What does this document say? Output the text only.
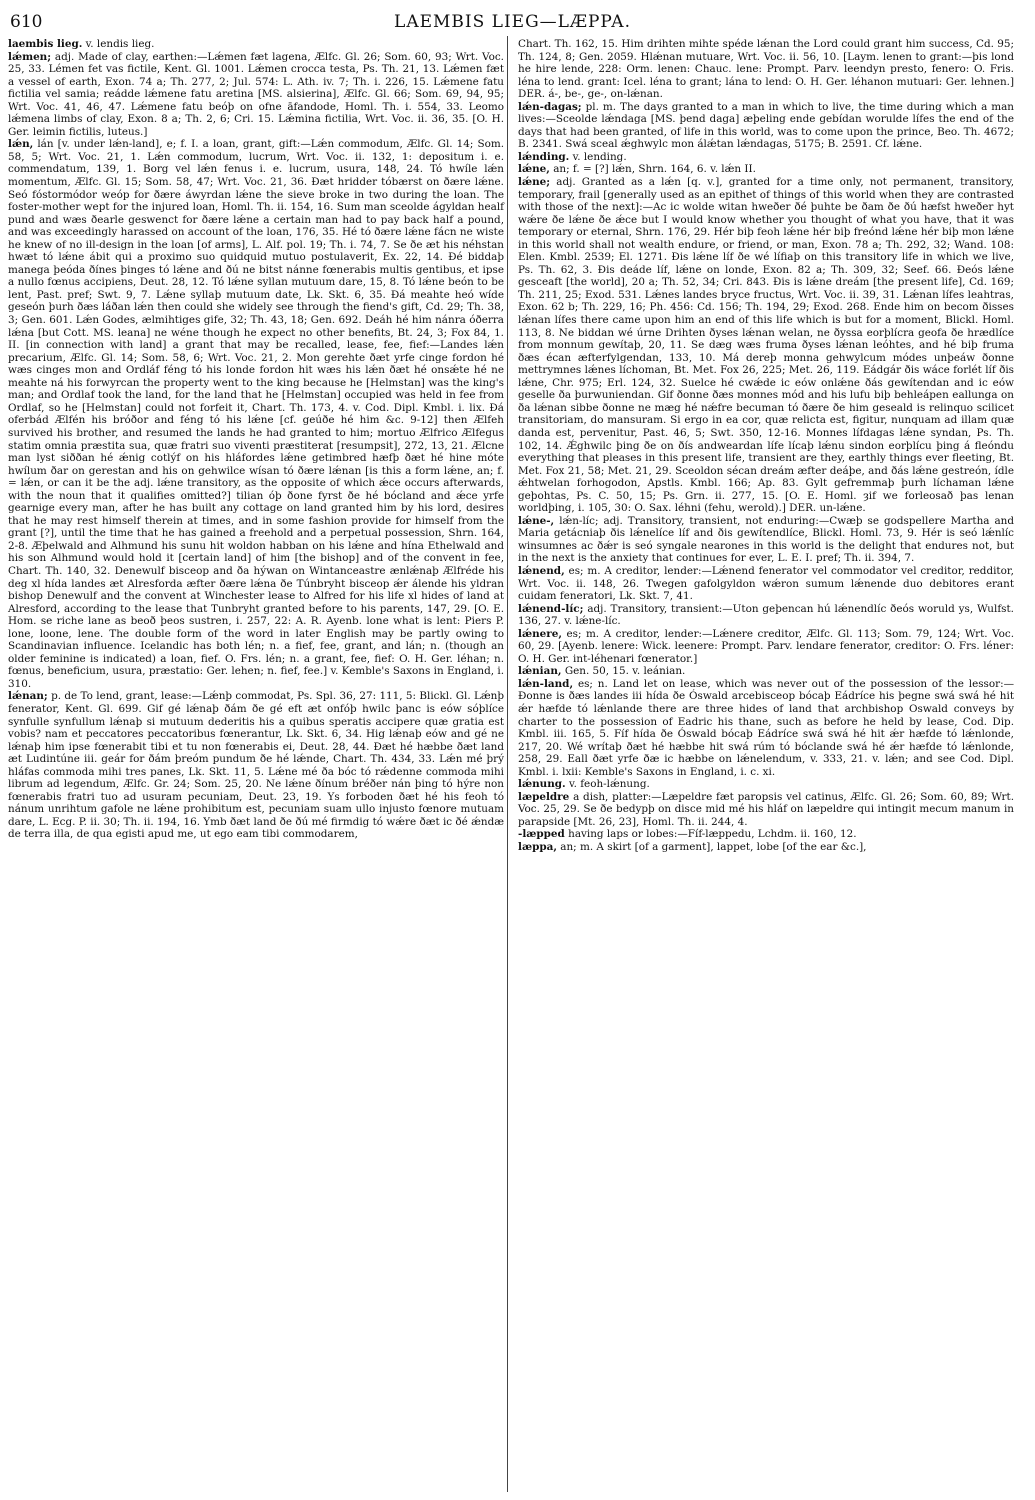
610	LAEMBIS LIEG—LÆPPA.

laembis lieg. v. lendis lieg.

lǽmen; adj. Made of clay, earthen:—Lǽmen fæt lagena, Ælfc. Gl. 26; Som. 60, 93; Wrt. Voc. 25, 33. Lémen fet vas fictile, Kent. Gl. 1001. Lǽmen crocca testa, Ps. Th. 21, 13. Lǽmen fæt a vessel of earth, Exon. 74 a; Th. 277, 2; Jul. 574: L. Ath. iv. 7; Th. i. 226, 15. Lǽmene fatu fictilia vel samia; reádde lǽmene fatu aretina [MS. alsierina], Ælfc. Gl. 66; Som. 69, 94, 95; Wrt. Voc. 41, 46, 47. Lǽmene fatu beóþ on ofne āfandode, Homl. Th. i. 554, 33. Leomo lǽmena limbs of clay, Exon. 8 a; Th. 2, 6; Cri. 15. Lǽmina fictilia, Wrt. Voc. ii. 36, 35. [O. H. Ger. leimin fictilis, luteus.]

lǽn, lán [v. under lǽn-land], e; f. I. a loan, grant, gift:—Lǽn commodum, Ælfc. Gl. 14; Som. 58, 5; Wrt. Voc. 21, 1. Lǽn commodum, lucrum, Wrt. Voc. ii. 132, 1: depositum i. e. commendatum, 139, 1. Borg vel lǽn fenus i. e. lucrum, usura, 148, 24. Tó hwíle lǽn momentum, Ælfc. Gl. 15; Som. 58, 47; Wrt. Voc. 21, 36. Ðæt hridder tóbærst on ðære lǽne. Seó fóstormódor weóp for ðære áwyrdan lǽne the sieve broke in two during the loan. The foster-mother wept for the injured loan, Homl. Th. ii. 154, 16. Sum man sceolde ágyldan healf pund and wæs ðearle geswenct for ðære lǽne a certain man had to pay back half a pound, and was exceedingly harassed on account of the loan, 176, 35. Hé tó ðære lǽne fácn ne wiste he knew of no ill-design in the loan [of arms], L. Alf. pol. 19; Th. i. 74, 7. Se ðe æt his néhstan hwæt tó lǽne ábit qui a proximo suo quidquid mutuo postulaverit, Ex. 22, 14. Ðé biddaþ manega þeóda ðínes þinges tó lǽne and ðú ne bitst nánne fœnerabis multis gentibus, et ipse a nullo fœnus accipiens, Deut. 28, 12. Tó lǽne syllan mutuum dare, 15, 8. Tó lǽne beón to be lent, Past. pref; Swt. 9, 7. Lǽne syllaþ mutuum date, Lk. Skt. 6, 35. Ðá meahte heó wíde geseón þurh ðæs láðan lǽn then could she widely see through the fiend's gift, Cd. 29; Th. 38, 3; Gen. 601. Lǽn Godes, ælmihtiges gife, 32; Th. 43, 18; Gen. 692. Deáh hé him nánra óðerra lǽna [but Cott. MS. leana] ne wéne though he expect no other benefits, Bt. 24, 3; Fox 84, 1. II. [in connection with land] a grant that may be recalled, lease, fee, fief:—Landes lǽn precarium, Ælfc. Gl. 14; Som. 58, 6; Wrt. Voc. 21, 2. Mon gerehte ðæt yrfe cinge fordon hé wæs cinges mon and Ordláf féng tó his londe fordon hit wæs his lǽn ðæt hé onsǽte hé ne meahte ná his forwyrcan the property went to the king because he [Helmstan] was the king's man; and Ordlaf took the land, for the land that he [Helmstan] occupied was held in fee from Ordlaf, so he [Helmstan] could not forfeit it, Chart. Th. 173, 4. v. Cod. Dipl. Kmbl. i. lix. Ðá oferbád Ælfén his bróðor and féng tó his lǽne [cf. geúðe hé him &c. 9-12] then Ælfeh survived his brother, and resumed the lands he had granted to him; mortuo Ælfrico Ælfegus statim omnia præstita sua, quæ fratri suo viventi præstiterat [resumpsit], 272, 13, 21. Ælcne man lyst siððan hé ǽnig cotlýf on his hláfordes lǽne getimbred hæfþ ðæt hé hine móte hwílum ðar on gerestan and his on gehwilce wísan tó ðære lǽnan [is this a form lǽne, an; f. = lǽn, or can it be the adj. lǽne transitory, as the opposite of which ǽce occurs afterwards, with the noun that it qualifies omitted?] tilian óþ ðone fyrst ðe hé bócland and ǽce yrfe gearnige every man, after he has built any cottage on land granted him by his lord, desires that he may rest himself therein at times, and in some fashion provide for himself from the grant [?], until the time that he has gained a freehold and a perpetual possession, Shrn. 164, 2-8. Æþelwald and Alhmund his sunu hit woldon habban on his lǽne and hína Ethelwald and his son Alhmund would hold it [certain land] of him [the bishop] and of the convent in fee, Chart. Th. 140, 32. Denewulf bisceop and ða hýwan on Wintanceastre ænlǽnaþ Ælfréde his deg xl hída landes æt Alresforda æfter ðære lǽna ðe Túnbryht bisceop ǽr álende his yldran bishop Denewulf and the convent at Winchester lease to Alfred for his life xl hides of land at Alresford, according to the lease that Tunbryht granted before to his parents, 147, 29. [O. E. Hom. se riche lane as beoð þeos sustren, i. 257, 22: A. R. Ayenb. lone what is lent: Piers P. lone, loone, lene. The double form of the word in later English may be partly owing to Scandinavian influence. Icelandic has both lén; n. a fief, fee, grant, and lán; n. (though an older feminine is indicated) a loan, fief. O. Frs. lén; n. a grant, fee, fief: O. H. Ger. léhan; n. fœnus, beneficium, usura, præstatio: Ger. lehen; n. fief, fee.] v. Kemble's Saxons in England, i. 310.

lǽnan; p. de To lend, grant, lease:—Lǽnþ commodat, Ps. Spl. 36, 27: 111, 5: Blickl. Gl. Lǽnþ fenerator, Kent. Gl. 699. Gif gé lǽnaþ ðám ðe gé eft æt onfóþ hwilc þanc is eów sóþlíce synfulle synfullum lǽnaþ si mutuum dederitis his a quibus speratis accipere quæ gratia est vobis? nam et peccatores peccatoribus fœnerantur, Lk. Skt. 6, 34. Hig lǽnaþ eów and gé ne lǽnaþ him ipse fœnerabit tibi et tu non fœnerabis ei, Deut. 28, 44. Ðæt hé hæbbe ðæt land æt Ludintúne iii. geár for ðám þreóm pundum ðe hé lǽnde, Chart. Th. 434, 33. Lǽn mé þrý hláfas commoda mihi tres panes, Lk. Skt. 11, 5. Lǽne mé ða bóc tó rǽdenne commoda mihi librum ad legendum, Ælfc. Gr. 24; Som. 25, 20. Ne lǽne ðínum bréðer nán þing tó hýre non fœnerabis fratri tuo ad usuram pecuniam, Deut. 23, 19. Ys forboden ðæt hé his feoh tó nánum unrihtum gafole ne lǽne prohibitum est, pecuniam suam ullo injusto fœnore mutuam dare, L. Ecg. P. ii. 30; Th. ii. 194, 16. Ymb ðæt land ðe ðú mé firmdig tó wǽre ðæt ic ðé ǽndæ de terra illa, de qua egisti apud me, ut ego eam tibi commodarem,

Chart. Th. 162, 15. Him drihten mihte spéde lǽnan the Lord could grant him success, Cd. 95; Th. 124, 8; Gen. 2059. Hlǽnan mutuare, Wrt. Voc. ii. 56, 10. [Laym. lenen to grant:—þis lond he hire lende, 228: Orm. lenen: Chauc. lene: Prompt. Parv. leendyn presto, fenero: O. Fris. léna to lend. grant: Icel. léna to grant; lána to lend: O. H. Ger. léhanon mutuari: Ger. lehnen.] DER. á-, be-, ge-, on-lǽnan.

lǽn-dagas; pl. m. The days granted to a man in which to live, the time during which a man lives:—Sceolde lǽndaga [MS. þend daga] æþeling ende gebídan worulde lífes the end of the days that had been granted, of life in this world, was to come upon the prince, Beo. Th. 4672; B. 2341. Swá sceal ǽghwylc mon álǽtan lǽndagas, 5175; B. 2591. Cf. lǽne.

lǽnding. v. lending.

lǽne, an; f. = [?] lǽn, Shrn. 164, 6. v. lǽn II.

lǽne; adj. Granted as a lǽn [q. v.], granted for a time only, not permanent, transitory, temporary, frail [generally used as an epithet of things of this world when they are contrasted with those of the next]:—Ac ic wolde witan hweðer ðé þuhte be ðam ðe ðú hæfst hweðer hyt wǽre ðe lǽne ðe ǽce but I would know whether you thought of what you have, that it was temporary or eternal, Shrn. 176, 29. Hér biþ feoh lǽne hér biþ freónd lǽne hér biþ mon lǽne in this world shall not wealth endure, or friend, or man, Exon. 78 a; Th. 292, 32; Wand. 108: Elen. Kmbl. 2539; El. 1271. Ðis lǽne líf ðe wé lífiaþ on this transitory life in which we live, Ps. Th. 62, 3. Ðis deáde líf, lǽne on londe, Exon. 82 a; Th. 309, 32; Seef. 66. Ðeós lǽne gesceaft [the world], 20 a; Th. 52, 34; Cri. 843. Ðis is lǽne dreám [the present life], Cd. 169; Th. 211, 25; Exod. 531. Lǽnes landes bryce fructus, Wrt. Voc. ii. 39, 31. Lǽnan lífes leahtras, Exon. 62 b; Th. 229, 16; Ph. 456: Cd. 156; Th. 194, 29; Exod. 268. Ende him on becom ðisses lǽnan lífes there came upon him an end of this life which is but for a moment, Blickl. Homl. 113, 8. Ne biddan wé úrne Drihten ðyses lǽnan welan, ne ðyssa eorþlícra geofa ðe hrædlíce from monnum gewítaþ, 20, 11. Se dæg wæs fruma ðyses lǽnan leóhtes, and hé biþ fruma ðæs écan æfterfylgendan, 133, 10. Má dereþ monna gehwylcum módes unþeáw ðonne mettrymnes lǽnes líchoman, Bt. Met. Fox 26, 225; Met. 26, 119. Eádgár ðis wáce forlét líf ðis lǽne, Chr. 975; Erl. 124, 32. Suelce hé cwǽde ic eów onlǽne ðás gewítendan and ic eów geselle ða þurwuniendan. Gif ðonne ðæs monnes mód and his lufu biþ behleápen eallunga on ða lǽnan sibbe ðonne ne mæg hé nǽfre becuman tó ðære ðe him geseald is relinquo scilicet transitoriam, do mansuram. Si ergo in ea cor, quæ relicta est, figitur, nunquam ad illam quæ danda est, pervenitur, Past. 46, 5; Swt. 350, 12-16. Monnes lífdagas lǽne syndan, Ps. Th. 102, 14. Ǽghwilc þing ðe on ðís andweardan lífe lícaþ lǽnu sindon eorþlícu þing á fleóndu everything that pleases in this present life, transient are they, earthly things ever fleeting, Bt. Met. Fox 21, 58; Met. 21, 29. Sceoldon sécan dreám æfter deáþe, and ðás lǽne gestreón, ídle ǽhtwelan forhogodon, Apstls. Kmbl. 166; Ap. 83. Gylt gefremmaþ þurh líchaman lǽne geþohtas, Ps. C. 50, 15; Ps. Grn. ii. 277, 15. [O. E. Homl. ȝif we forleosað þas lenan worldþing, i. 105, 30: O. Sax. léhni (fehu, werold).] DER. un-lǽne.

lǽne-, lǽn-líc; adj. Transitory, transient, not enduring:—Cwæþ se godspellere Martha and Maria getácniaþ ðis lǽnelíce líf and ðis gewítendlíce, Blickl. Homl. 73, 9. Hér is seó lǽnlíc winsumnes ac ðǽr is seó syngale nearones in this world is the delight that endures not, but in the next is the anxiety that continues for ever, L. E. I. pref; Th. ii. 394, 7.

lǽnend, es; m. A creditor, lender:—Lǽnend fenerator vel commodator vel creditor, redditor, Wrt. Voc. ii. 148, 26. Twegen gafolgyldon wǽron sumum lǽnende duo debitores erant cuidam feneratori, Lk. Skt. 7, 41.

lǽnend-líc; adj. Transitory, transient:—Uton geþencan hú lǽnendlíc ðeós woruld ys, Wulfst. 136, 27. v. lǽne-líc.

lǽnere, es; m. A creditor, lender:—Lǽnere creditor, Ælfc. Gl. 113; Som. 79, 124; Wrt. Voc. 60, 29. [Ayenb. lenere: Wick. leenere: Prompt. Parv. lendare fenerator, creditor: O. Frs. léner: O. H. Ger. int-léhenari fœnerator.]

lǽnian, Gen. 50, 15. v. leánian.

lǽn-land, es; n. Land let on lease, which was never out of the possession of the lessor:—Ðonne is ðæs landes iii hída ðe Óswald arcebisceop bócaþ Eádríce his þegne swá swá hé hit ǽr hæfde tó lǽnlande there are three hides of land that archbishop Oswald conveys by charter to the possession of Eadric his thane, such as before he held by lease, Cod. Dip. Kmbl. iii. 165, 5. Fíf hída ðe Óswald bócaþ Eádríce swá swá hé hit ǽr hæfde tó lǽnlonde, 217, 20. Wé wrítaþ ðæt hé hæbbe hit swá rúm tó bóclande swá hé ǽr hæfde tó lǽnlonde, 258, 29. Eall ðæt yrfe ðæ ic hæbbe on lǽnelendum, v. 333, 21. v. lǽn; and see Cod. Dipl. Kmbl. i. lxii: Kemble's Saxons in England, i. c. xi.

lǽnung. v. feoh-lǽnung.

læpeldre a dish, platter:—Læpeldre fæt paropsis vel catinus, Ælfc. Gl. 26; Som. 60, 89; Wrt. Voc. 25, 29. Se ðe bedypþ on disce mid mé his hláf on læpeldre qui intingit mecum manum in parapside [Mt. 26, 23], Homl. Th. ii. 244, 4.

-læpped having laps or lobes:—Fíf-læppedu, Lchdm. ii. 160, 12.

læppa, an; m. A skirt [of a garment], lappet, lobe [of the ear &c.],
